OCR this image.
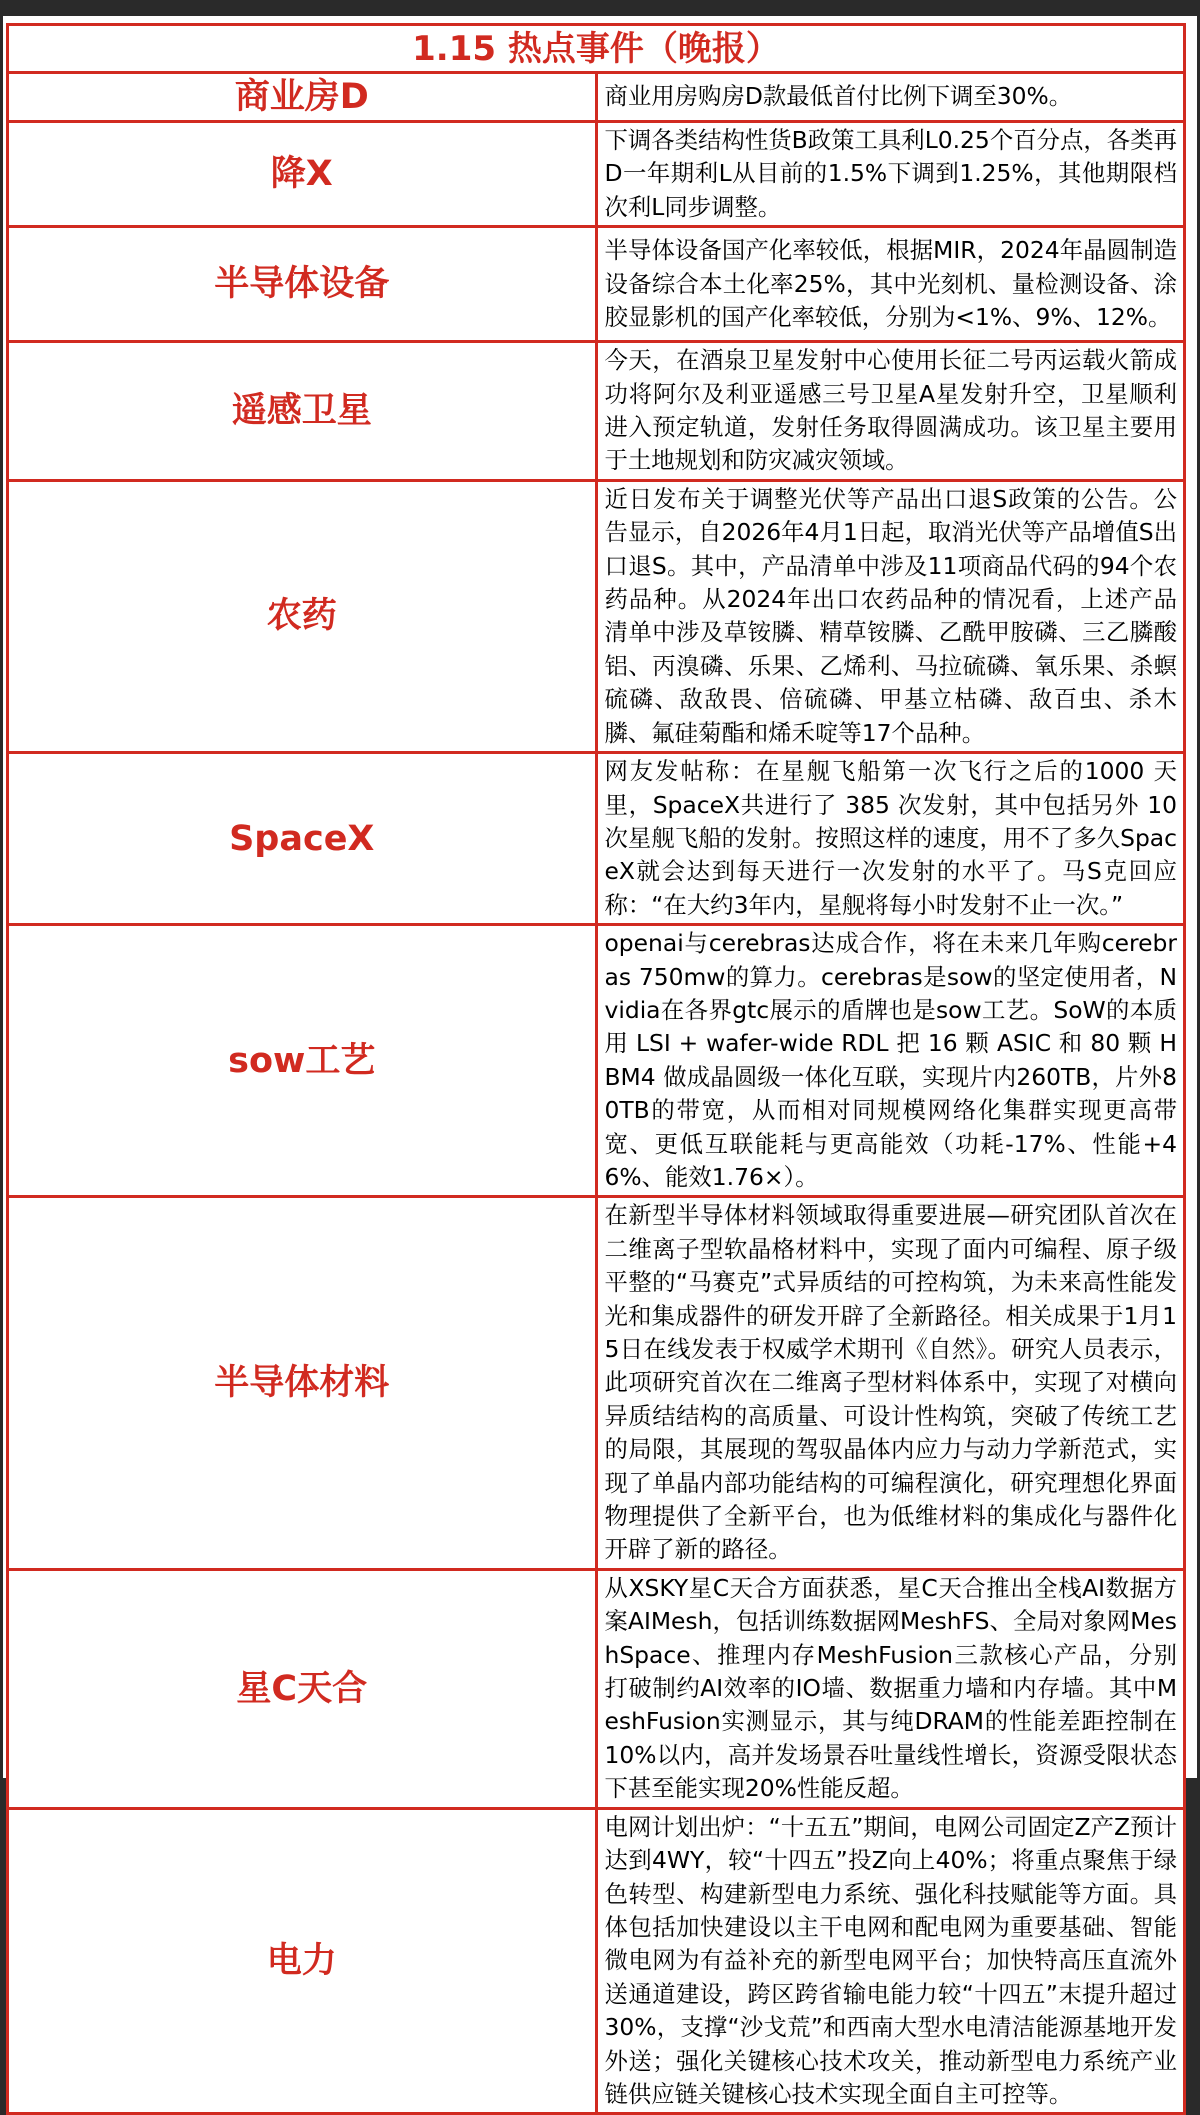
1.15 热点事件（晚报）	
商业房D	商业用房购房D款最低首付比例下调至30%。
降X	下调各类结构性货B政策工具利L0.25个百分点，各类再D一年期利L从目前的1.5%下调到1.25%，其他期限档次利L同步调整。
半导体设备	半导体设备国产化率较低，根据MIR，2024年晶圆制造设备综合本土化率25%，其中光刻机、量检测设备、涂胶显影机的国产化率较低，分别为<1%、9%、12%。
遥感卫星	今天，在酒泉卫星发射中心使用长征二号丙运载火箭成功将阿尔及利亚遥感三号卫星A星发射升空，卫星顺利进入预定轨道，发射任务取得圆满成功。该卫星主要用于土地规划和防灾减灾领域。
农药	近日发布关于调整光伏等产品出口退S政策的公告。公告显示，自2026年4月1日起，取消光伏等产品增值S出口退S。其中，产品清单中涉及11项商品代码的94个农药品种。从2024年出口农药品种的情况看，上述产品清单中涉及草铵膦、精草铵膦、乙酰甲胺磷、三乙膦酸铝、丙溴磷、乐果、乙烯利、马拉硫磷、氧乐果、杀螟硫磷、敌敌畏、倍硫磷、甲基立枯磷、敌百虫、杀木膦、氟硅菊酯和烯禾啶等17个品种。
SpaceX	网友发帖称：在星舰飞船第一次飞行之后的1000 天里，SpaceX共进行了 385 次发射，其中包括另外 10 次星舰飞船的发射。按照这样的速度，用不了多久SpaceX就会达到每天进行一次发射的水平了。马S克回应称：“在大约3年内，星舰将每小时发射不止一次。”
sow工艺	openai与cerebras达成合作，将在未来几年购cerebras 750mw的算力。cerebras是sow的坚定使用者，Nvidia在各界gtc展示的盾牌也是sow工艺。SoW的本质用 LSI + wafer-wide RDL 把 16 颗 ASIC 和 80 颗 HBM4 做成晶圆级一体化互联，实现片内260TB，片外80TB的带宽，从而相对同规模网络化集群实现更高带宽、更低互联能耗与更高能效（功耗-17%、性能+46%、能效1.76×）。
半导体材料	在新型半导体材料领域取得重要进展—研究团队首次在二维离子型软晶格材料中，实现了面内可编程、原子级平整的“马赛克”式异质结的可控构筑，为未来高性能发光和集成器件的研发开辟了全新路径。相关成果于1月15日在线发表于权威学术期刊《自然》。研究人员表示，此项研究首次在二维离子型材料体系中，实现了对横向异质结结构的高质量、可设计性构筑，突破了传统工艺的局限，其展现的驾驭晶体内应力与动力学新范式，实现了单晶内部功能结构的可编程演化，研究理想化界面物理提供了全新平台，也为低维材料的集成化与器件化开辟了新的路径。
星C天合	从XSKY星C天合方面获悉，星C天合推出全栈AI数据方案AIMesh，包括训练数据网MeshFS、全局对象网MeshSpace、推理内存MeshFusion三款核心产品，分别打破制约AI效率的IO墙、数据重力墙和内存墙。其中MeshFusion实测显示，其与纯DRAM的性能差距控制在10%以内，高并发场景吞吐量线性增长，资源受限状态下甚至能实现20%性能反超。
电力	电网计划出炉：“十五五”期间，电网公司固定Z产Z预计达到4WY，较“十四五”投Z向上40%；将重点聚焦于绿色转型、构建新型电力系统、强化科技赋能等方面。具体包括加快建设以主干电网和配电网为重要基础、智能微电网为有益补充的新型电网平台；加快特高压直流外送通道建设，跨区跨省输电能力较“十四五”末提升超过30%，支撑“沙戈荒”和西南大型水电清洁能源基地开发外送；强化关键核心技术攻关，推动新型电力系统产业链供应链关键核心技术实现全面自主可控等。
